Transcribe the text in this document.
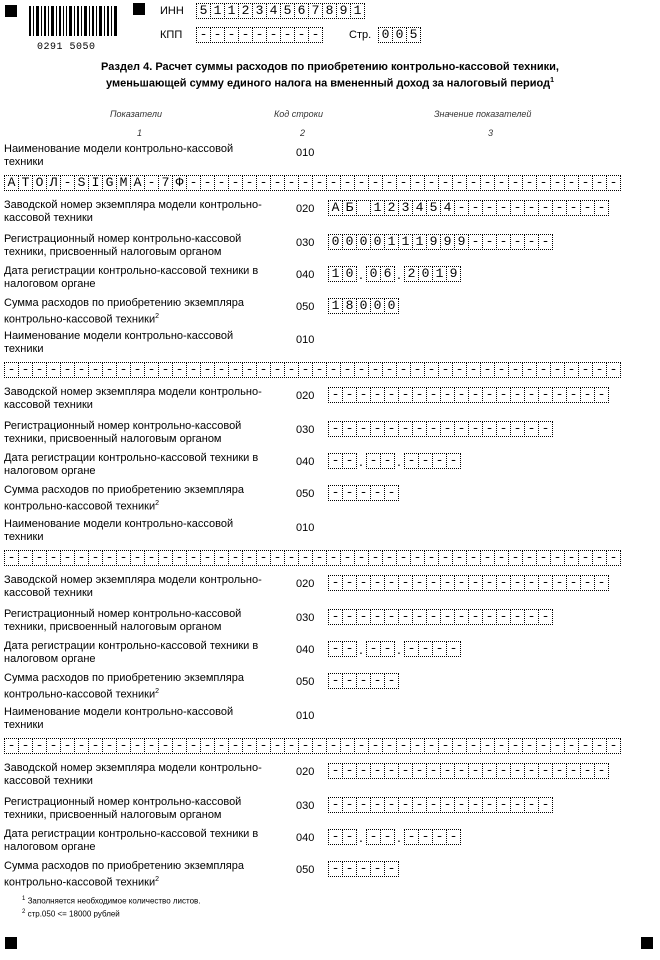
0291 5050
ИНН 5 1 1 2 3 4 5 6 7 8 9 1
КПП - - - - - - - - -	Стр. 0 0 5
Раздел 4. Расчет суммы расходов по приобретению контрольно-кассовой техники,
уменьшающей сумму единого налога на вмененный доход за налоговый период$^1$
Показатели	Код строки	Значение показателей
1	2	3
Наименование модели контрольно-кассовой техники
010
А Т О Л - S I G M А - 7 Ф - - - - - - - - - - - - - - - - - - - - - - - - - - - - - - -
Заводской номер экземпляра модели контрольно-кассовой техники
020 А Б 1 2 3 4 5 4 - - - - - - - - - - -
Регистрационный номер контрольно-кассовой техники, присвоенный налоговым органом
030 0 0 0 0 1 1 1 9 9 9 - - - - - -
Дата регистрации контрольно-кассовой техники в налоговом органе
040 1 0 . 0 6 . 2 0 1 9
Сумма расходов по приобретению экземпляра контрольно-кассовой техники$^2$
050 1 8 0 0 0
Наименование модели контрольно-кассовой техники
010
- - - - - - - - - - - - - - - - - - - - - - - - - - - - - - - - - - - - - - - - - - - -
Заводской номер экземпляра модели контрольно-кассовой техники
020 - - - - - - - - - - - - - - - - - - - -
Регистрационный номер контрольно-кассовой техники, присвоенный налоговым органом
030 - - - - - - - - - - - - - - - -
Дата регистрации контрольно-кассовой техники в налоговом органе
040 - - . - - . - - - -
Сумма расходов по приобретению экземпляра контрольно-кассовой техники$^2$
050 - - - - -
Наименование модели контрольно-кассовой техники
010
- - - - - - - - - - - - - - - - - - - - - - - - - - - - - - - - - - - - - - - - - - - -
Заводской номер экземпляра модели контрольно-кассовой техники
020 - - - - - - - - - - - - - - - - - - - -
Регистрационный номер контрольно-кассовой техники, присвоенный налоговым органом
030 - - - - - - - - - - - - - - - -
Дата регистрации контрольно-кассовой техники в налоговом органе
040 - - . - - . - - - -
Сумма расходов по приобретению экземпляра контрольно-кассовой техники$^2$
050 - - - - -
Наименование модели контрольно-кассовой техники
010
- - - - - - - - - - - - - - - - - - - - - - - - - - - - - - - - - - - - - - - - - - - -
Заводской номер экземпляра модели контрольно-кассовой техники
020 - - - - - - - - - - - - - - - - - - - -
Регистрационный номер контрольно-кассовой техники, присвоенный налоговым органом
030 - - - - - - - - - - - - - - - -
Дата регистрации контрольно-кассовой техники в налоговом органе
040 - - . - - . - - - -
Сумма расходов по приобретению экземпляра контрольно-кассовой техники$^2$
050 - - - - -
$^1$ Заполняется необходимое количество листов.
$^2$ стр.050 <= 18000 рублей
